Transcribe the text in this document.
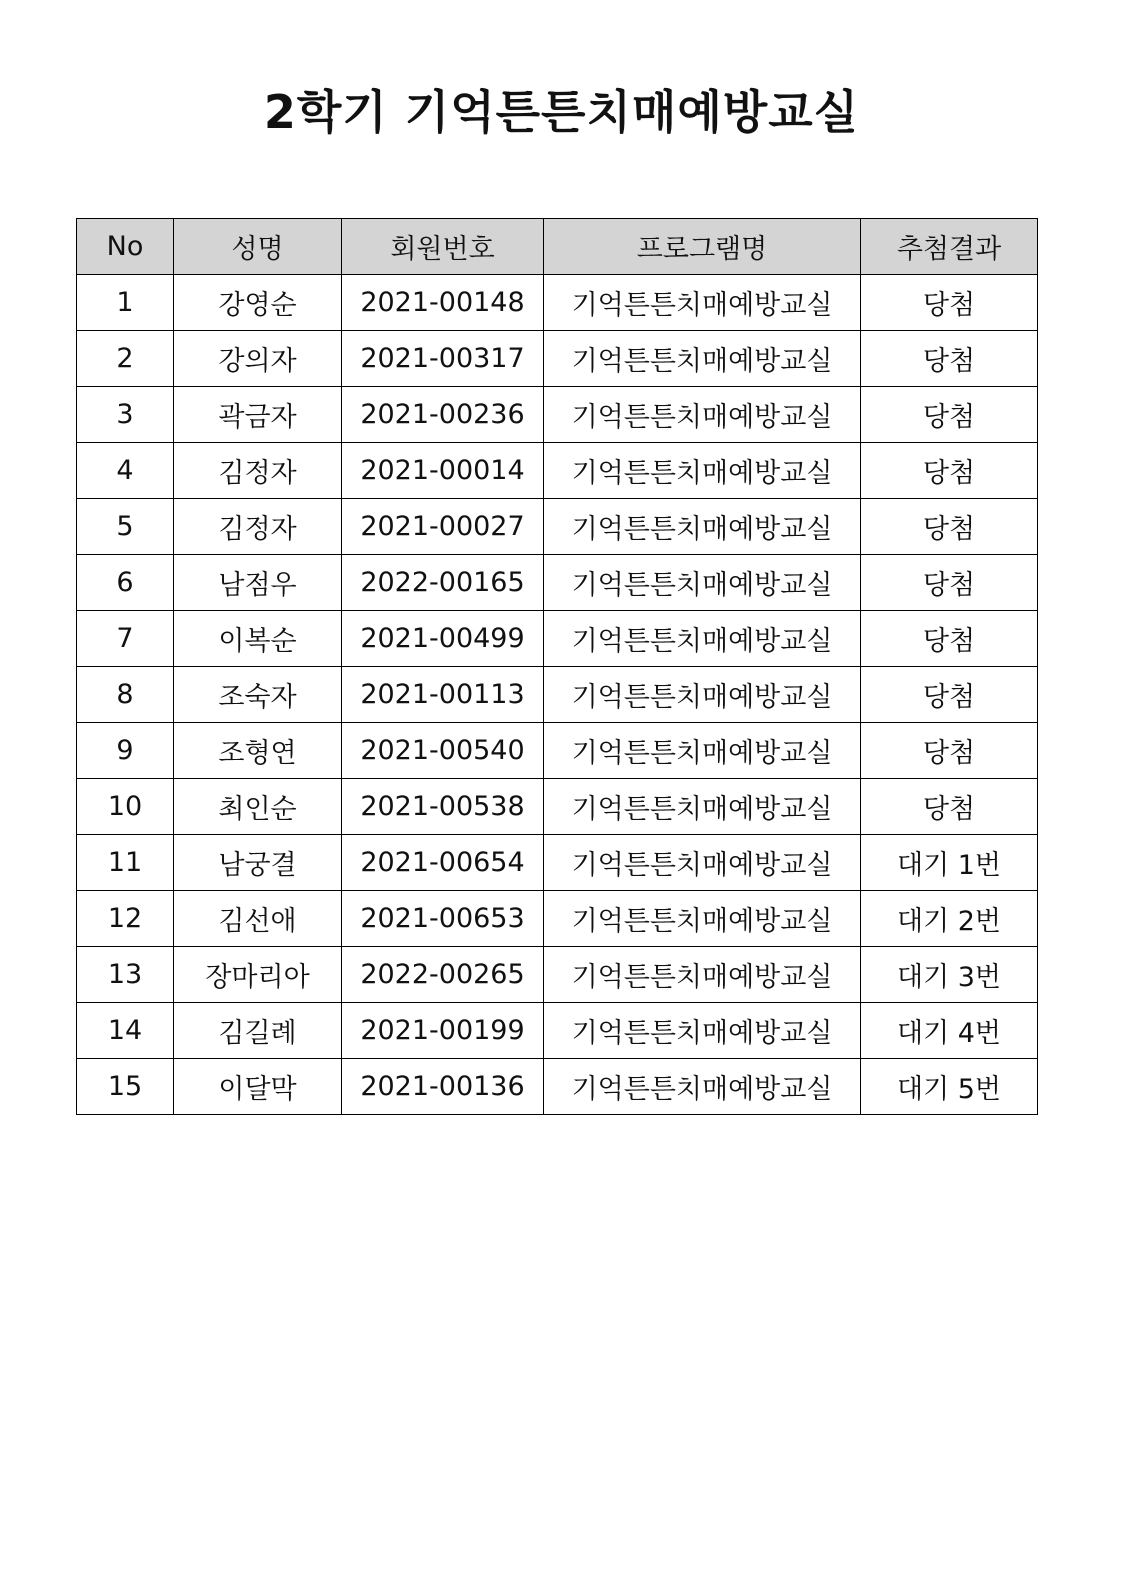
2학기 기억튼튼치매예방교실
No	성명	회원번호	프로그램명	추첨결과
1	강영순	2021-00148	기억튼튼치매예방교실	당첨
2	강의자	2021-00317	기억튼튼치매예방교실	당첨
3	곽금자	2021-00236	기억튼튼치매예방교실	당첨
4	김정자	2021-00014	기억튼튼치매예방교실	당첨
5	김정자	2021-00027	기억튼튼치매예방교실	당첨
6	남점우	2022-00165	기억튼튼치매예방교실	당첨
7	이복순	2021-00499	기억튼튼치매예방교실	당첨
8	조숙자	2021-00113	기억튼튼치매예방교실	당첨
9	조형연	2021-00540	기억튼튼치매예방교실	당첨
10	최인순	2021-00538	기억튼튼치매예방교실	당첨
11	남궁결	2021-00654	기억튼튼치매예방교실	대기 1번
12	김선애	2021-00653	기억튼튼치매예방교실	대기 2번
13	장마리아	2022-00265	기억튼튼치매예방교실	대기 3번
14	김길례	2021-00199	기억튼튼치매예방교실	대기 4번
15	이달막	2021-00136	기억튼튼치매예방교실	대기 5번
